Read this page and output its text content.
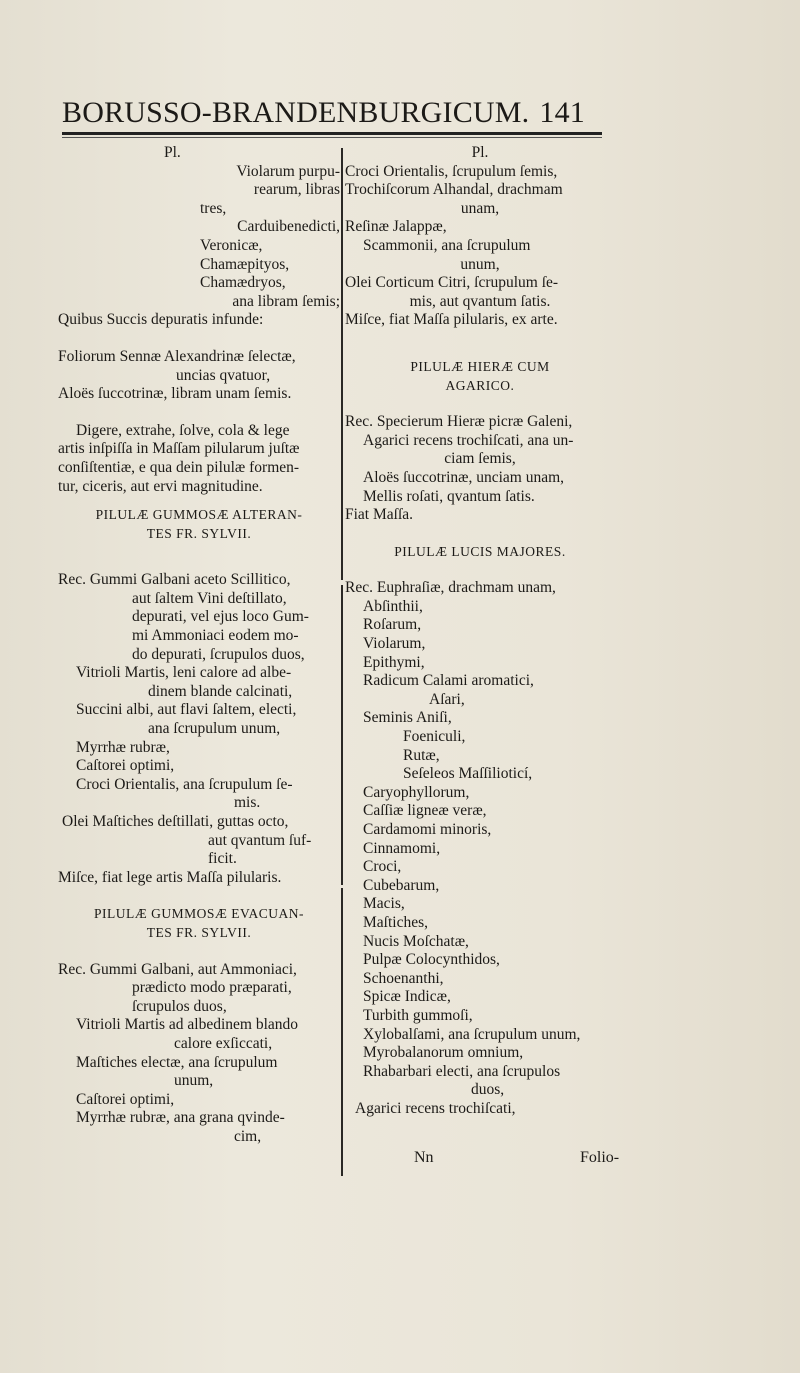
BORUSSO-BRANDENBURGICUM. 141
Pl.
Violarum purpu-
rearum, libras
tres,
Carduibenedicti,
Veronicæ,
Chamæpityos,
Chamædryos,
ana libram ſemis;
Quibus Succis depuratis infunde:
Foliorum Sennæ Alexandrinæ ſelectæ,
uncias qvatuor,
Aloës ſuccotrinæ, libram unam ſemis.
Digere, extrahe, ſolve, cola & lege
artis inſpiſſa in Maſſam pilularum juſtæ
conſiſtentiæ, e qua dein pilulæ formen-
tur, ciceris, aut ervi magnitudine.
PILULÆ GUMMOSÆ ALTERAN-
TES FR. SYLVII.
Rec. Gummi Galbani aceto Scillitico,
aut ſaltem Vini deſtillato,
depurati, vel ejus loco Gum-
mi Ammoniaci eodem mo-
do depurati, ſcrupulos duos,
Vitrioli Martis, leni calore ad albe-
dinem blande calcinati,
Succini albi, aut flavi ſaltem, electi,
ana ſcrupulum unum,
Myrrhæ rubræ,
Caſtorei optimi,
Croci Orientalis, ana ſcrupulum ſe-
mis.
Olei Maſtiches deſtillati, guttas octo,
aut qvantum ſuf-
ficit.
Miſce, fiat lege artis Maſſa pilularis.
PILULÆ GUMMOSÆ EVACUAN-
TES FR. SYLVII.
Rec. Gummi Galbani, aut Ammoniaci,
prædicto modo præparati,
ſcrupulos duos,
Vitrioli Martis ad albedinem blando
calore exſiccati,
Maſtiches electæ, ana ſcrupulum
unum,
Caſtorei optimi,
Myrrhæ rubræ, ana grana qvinde-
cim,
Pl.
Croci Orientalis, ſcrupulum ſemis,
Trochiſcorum Alhandal, drachmam
unam,
Reſinæ Jalappæ,
Scammonii, ana ſcrupulum
unum,
Olei Corticum Citri, ſcrupulum ſe-
mis, aut qvantum ſatis.
Miſce, fiat Maſſa pilularis, ex arte.
PILULÆ HIERÆ CUM
AGARICO.
Rec. Specierum Hieræ picræ Galeni,
Agarici recens trochiſcati, ana un-
ciam ſemis,
Aloës ſuccotrinæ, unciam unam,
Mellis roſati, qvantum ſatis.
Fiat Maſſa.
PILULÆ LUCIS MAJORES.
Rec. Euphraſiæ, drachmam unam,
Abſinthii,
Roſarum,
Violarum,
Epithymi,
Radicum Calami aromatici,
Aſari,
Seminis Aniſi,
Foeniculi,
Rutæ,
Seſeleos Maſſilioticí,
Caryophyllorum,
Caſſiæ ligneæ veræ,
Cardamomi minoris,
Cinnamomi,
Croci,
Cubebarum,
Macis,
Maſtiches,
Nucis Moſchatæ,
Pulpæ Colocynthidos,
Schoenanthi,
Spicæ Indicæ,
Turbith gummoſi,
Xylobalſami, ana ſcrupulum unum,
Myrobalanorum omnium,
Rhabarbari electi, ana ſcrupulos
duos,
Agarici recens trochiſcati,
Nn	Folio-
